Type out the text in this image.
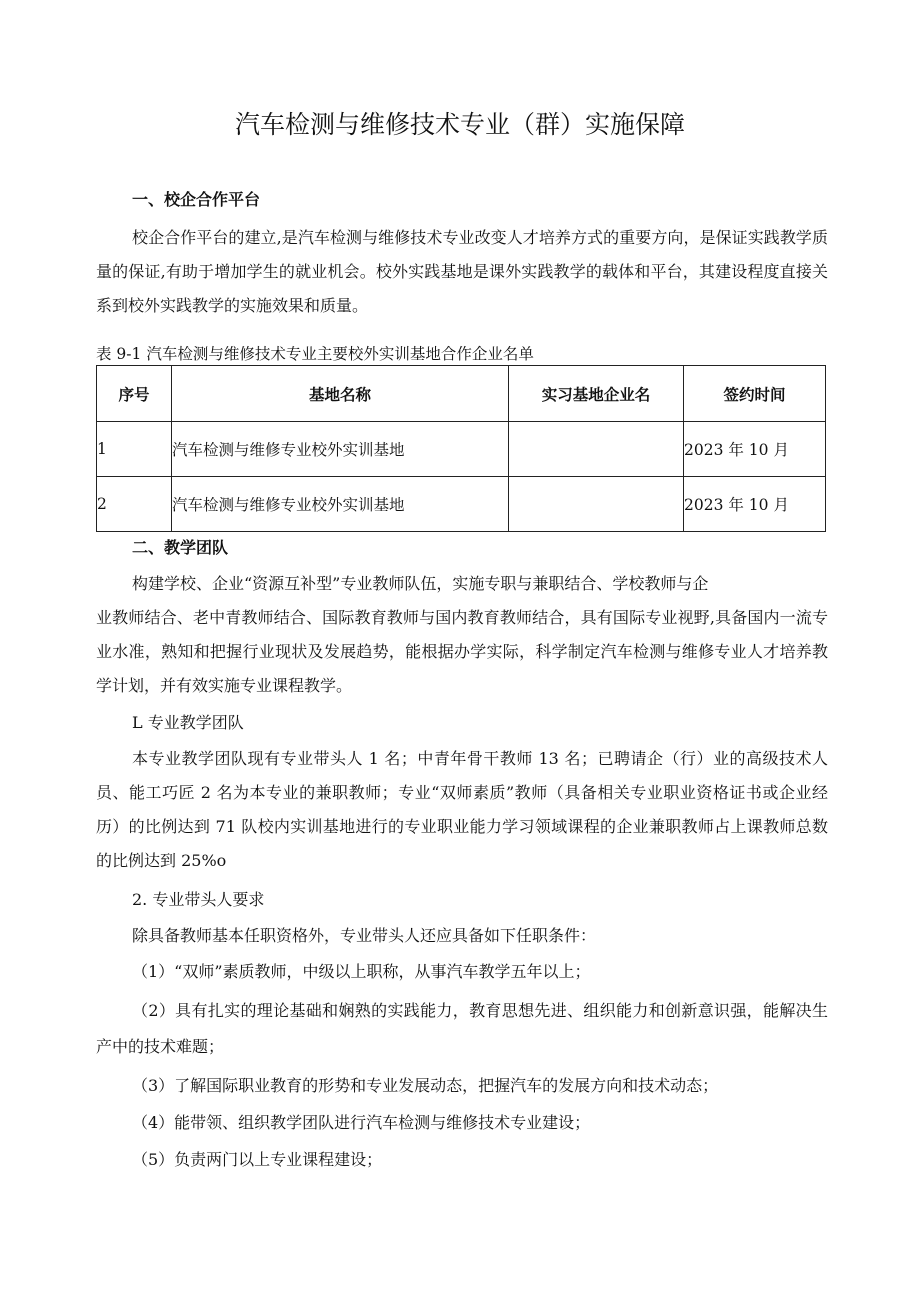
汽车检测与维修技术专业（群）实施保障
一、校企合作平台
校企合作平台的建立,是汽车检测与维修技术专业改变人才培养方式的重要方向，是保证实践教学质量的保证,有助于增加学生的就业机会。校外实践基地是课外实践教学的载体和平台，其建设程度直接关系到校外实践教学的实施效果和质量。
表 9-1 汽车检测与维修技术专业主要校外实训基地合作企业名单
序号	基地名称	实习基地企业名	签约时间
1	汽车检测与维修专业校外实训基地		2023 年 10 月
2	汽车检测与维修专业校外实训基地		2023 年 10 月
二、教学团队
构建学校、企业“资源互补型”专业教师队伍，实施专职与兼职结合、学校教师与企
业教师结合、老中青教师结合、国际教育教师与国内教育教师结合，具有国际专业视野,具备国内一流专业水准，熟知和把握行业现状及发展趋势，能根据办学实际，科学制定汽车检测与维修专业人才培养教学计划，并有效实施专业课程教学。
L 专业教学团队
本专业教学团队现有专业带头人 1 名；中青年骨干教师 13 名；已聘请企（行）业的高级技术人员、能工巧匠 2 名为本专业的兼职教师；专业“双师素质”教师（具备相关专业职业资格证书或企业经历）的比例达到 71 队校内实训基地进行的专业职业能力学习领域课程的企业兼职教师占上课教师总数的比例达到 25%o
2. 专业带头人要求
除具备教师基本任职资格外，专业带头人还应具备如下任职条件：
（1）“双师”素质教师，中级以上职称，从事汽车教学五年以上；
（2）具有扎实的理论基础和娴熟的实践能力，教育思想先进、组织能力和创新意识强，能解决生产中的技术难题；
（3）了解国际职业教育的形势和专业发展动态，把握汽车的发展方向和技术动态；
（4）能带领、组织教学团队进行汽车检测与维修技术专业建设；
（5）负责两门以上专业课程建设；
